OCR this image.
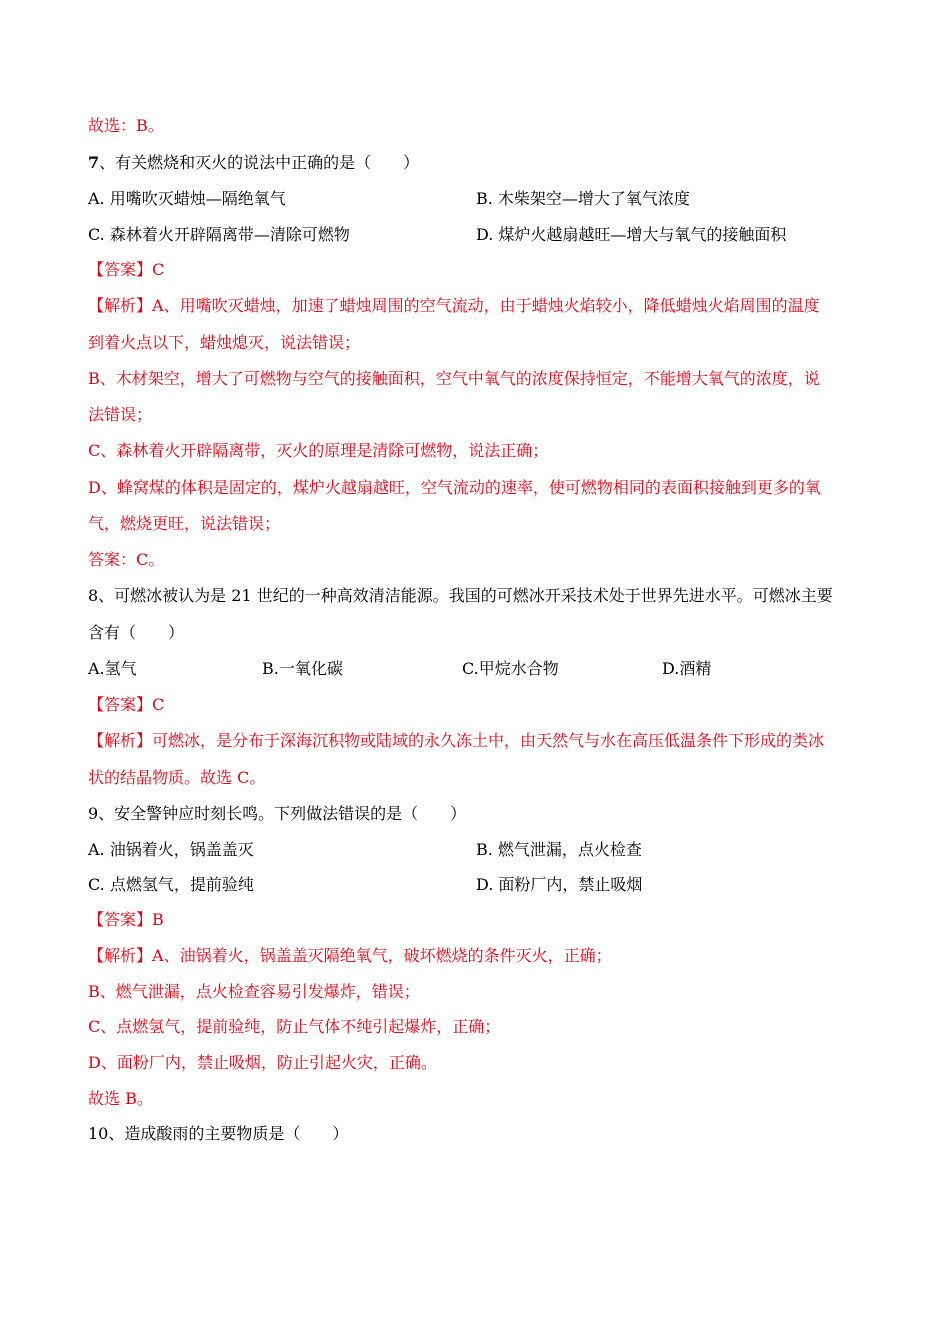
故选：B。
7、有关燃烧和灭火的说法中正确的是（　　）
A. 用嘴吹灭蜡烛—隔绝氧气	B. 木柴架空—增大了氧气浓度
C. 森林着火开辟隔离带—清除可燃物	D. 煤炉火越扇越旺—增大与氧气的接触面积
【答案】C
【解析】A、用嘴吹灭蜡烛，加速了蜡烛周围的空气流动，由于蜡烛火焰较小，降低蜡烛火焰周围的温度
到着火点以下，蜡烛熄灭，说法错误；
B、木材架空，增大了可燃物与空气的接触面积，空气中氧气的浓度保持恒定，不能增大氧气的浓度，说
法错误；
C、森林着火开辟隔离带，灭火的原理是清除可燃物，说法正确；
D、蜂窝煤的体积是固定的，煤炉火越扇越旺，空气流动的速率，使可燃物相同的表面积接触到更多的氧
气，燃烧更旺，说法错误；
答案：C。
8、可燃冰被认为是 21 世纪的一种高效清洁能源。我国的可燃冰开采技术处于世界先进水平。可燃冰主要
含有（　　）
A.氢气	B.一氧化碳	C.甲烷水合物	D.酒精
【答案】C
【解析】可燃冰，是分布于深海沉积物或陆域的永久冻土中，由天然气与水在高压低温条件下形成的类冰
状的结晶物质。故选 C。
9、安全警钟应时刻长鸣。下列做法错误的是（　　）
A. 油锅着火，锅盖盖灭	B. 燃气泄漏，点火检查
C. 点燃氢气，提前验纯	D. 面粉厂内，禁止吸烟
【答案】B
【解析】A、油锅着火，锅盖盖灭隔绝氧气，破坏燃烧的条件灭火，正确；
B、燃气泄漏，点火检查容易引发爆炸，错误；
C、点燃氢气，提前验纯，防止气体不纯引起爆炸，正确；
D、面粉厂内，禁止吸烟，防止引起火灾，正确。
故选 B。
10、造成酸雨的主要物质是（　　）
